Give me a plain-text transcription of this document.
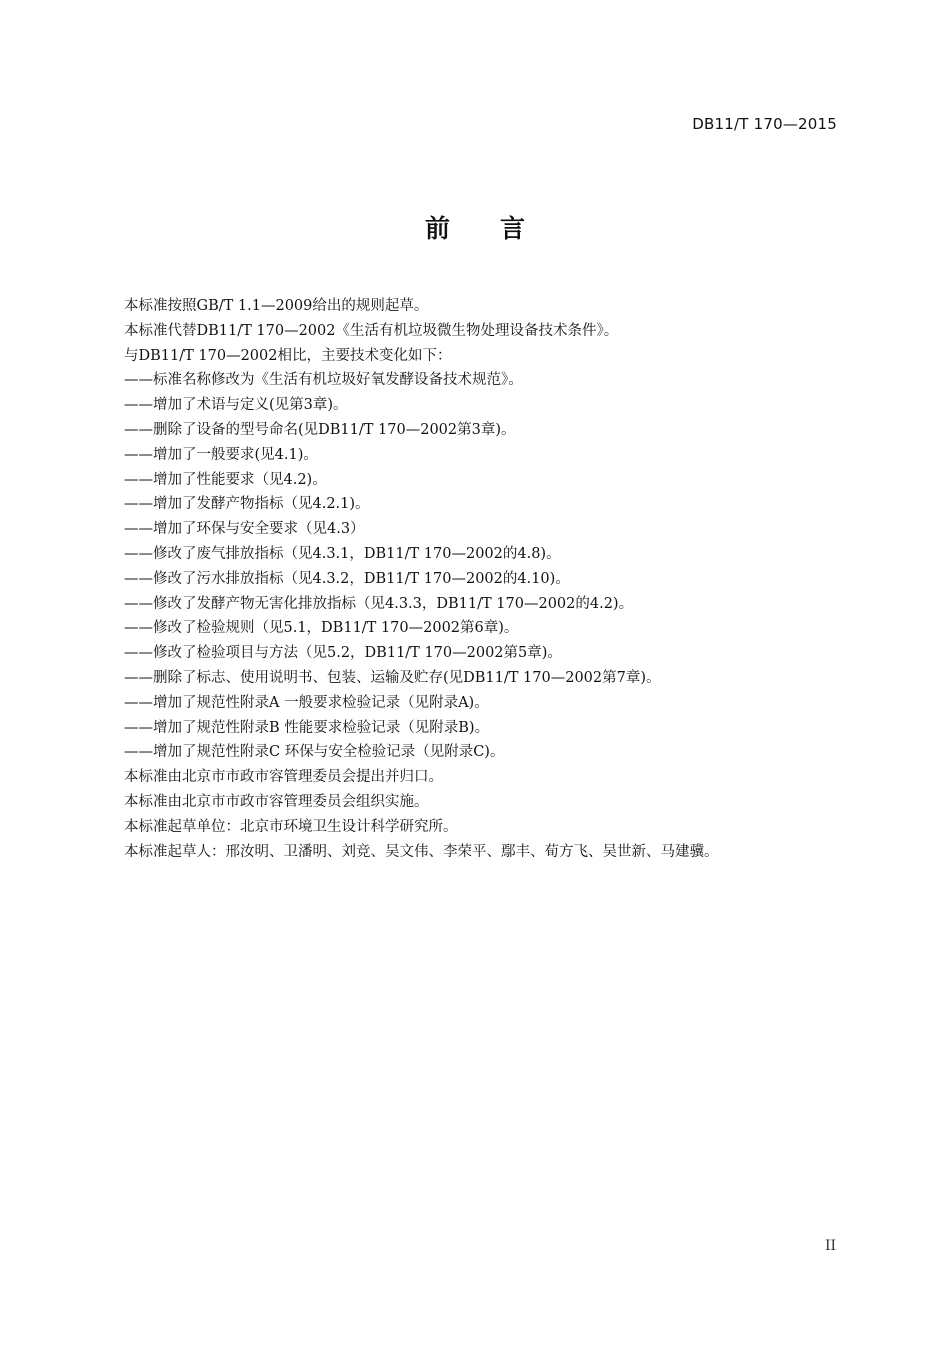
DB11/T 170—2015
前 言
本标准按照GB/T 1.1—2009给出的规则起草。
本标准代替DB11/T 170—2002《生活有机垃圾微生物处理设备技术条件》。
与DB11/T 170—2002相比，主要技术变化如下：
——标准名称修改为《生活有机垃圾好氧发酵设备技术规范》。
——增加了术语与定义(见第3章)。
——删除了设备的型号命名(见DB11/T 170—2002第3章)。
——增加了一般要求(见4.1)。
——增加了性能要求（见4.2)。
——增加了发酵产物指标（见4.2.1)。
——增加了环保与安全要求（见4.3）
——修改了废气排放指标（见4.3.1，DB11/T 170—2002的4.8)。
——修改了污水排放指标（见4.3.2，DB11/T 170—2002的4.10)。
——修改了发酵产物无害化排放指标（见4.3.3，DB11/T 170—2002的4.2)。
——修改了检验规则（见5.1，DB11/T 170—2002第6章)。
——修改了检验项目与方法（见5.2，DB11/T 170—2002第5章)。
——删除了标志、使用说明书、包装、运输及贮存(见DB11/T 170—2002第7章)。
——增加了规范性附录A 一般要求检验记录（见附录A)。
——增加了规范性附录B 性能要求检验记录（见附录B)。
——增加了规范性附录C 环保与安全检验记录（见附录C)。
本标准由北京市市政市容管理委员会提出并归口。
本标准由北京市市政市容管理委员会组织实施。
本标准起草单位：北京市环境卫生设计科学研究所。
本标准起草人：邢汝明、卫潘明、刘竞、吴文伟、李荣平、鄢丰、荀方飞、吴世新、马建骥。
II
